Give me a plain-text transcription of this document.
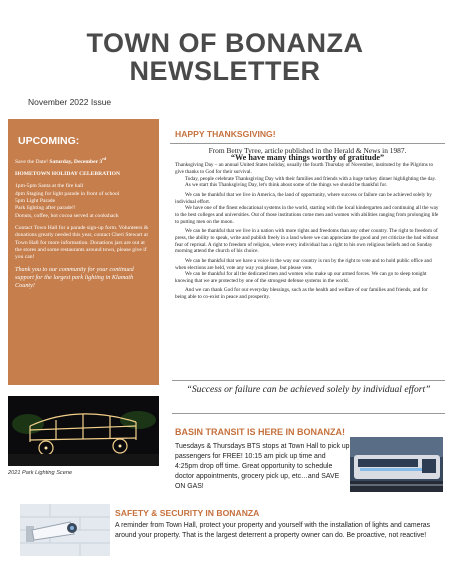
TOWN OF BONANZA
NEWSLETTER
November 2022 Issue
UPCOMING:

Save the Date! Saturday, December 3rd

HOMETOWN HOLIDAY CELEBRATION

1pm-5pm Santa at the fire hall

4pm Staging for light parade in front of school

5pm Light Parade

Park lighting after parade!!

Donuts, coffee, hot cocoa served at cookshack

Contact Town Hall for a parade sign-up form. Volunteers & donations greatly needed this year, contact Cheri Stewart at Town Hall for more information. Donations jars are out at the stores and some restaurants around town, please give if you can!

Thank you to our community for your continued support for the largest park lighting in Klamath County!

2021 Park Lighting Scene
HAPPY THANKSGIVING!

From Betty Tyree, article published in the Herald & News in 1987.

“We have many things worthy of gratitude”

Thanksgiving Day – an annual United States holiday, usually the fourth Thursday of November, instituted by the Pilgrims to give thanks to God for their survival.

Today, people celebrate Thanksgiving Day with their families and friends with a huge turkey dinner highlighting the day.

As we start this Thanksgiving Day, let's think about some of the things we should be thankful for.

We can be thankful that we live in America, the land of opportunity, where success or failure can be achieved solely by individual effort.

We have one of the finest educational systems in the world, starting with the local kindergarten and continuing all the way to the best colleges and universities. Out of those institutions come men and women with abilities ranging from prolonging life to putting men on the moon.

We can be thankful that we live in a nation with more rights and freedoms than any other country. The right to freedom of press, the ability to speak, write and publish freely in a land where we can appreciate the good and yet criticize the bad without fear of reprisal. A right to freedom of religion, where every individual has a right to his own religious beliefs and on Sunday morning attend the church of his choice.

We can be thankful that we have a voice in the way our country is run by the right to vote and to hold public office and when elections are held, vote any way you please, but please vote.

We can be thankful for all the dedicated men and women who make up our armed forces. We can go to sleep tonight knowing that we are protected by one of the strongest defense systems in the world.

And we can thank God for our everyday blessings, such as the health and welfare of our families and friends, and for being able to co-exist in peace and prosperity.

“Success or failure can be achieved solely by individual effort”
BASIN TRANSIT IS HERE IN BONANZA!

Tuesdays & Thursdays BTS stops at Town Hall to pick up passengers for FREE! 10:15 am pick up time and 4:25pm drop off time. Great opportunity to schedule doctor appointments, grocery pick up, etc…and SAVE ON GAS!

SAFETY & SECURITY IN BONANZA

A reminder from Town Hall, protect your property and yourself with the installation of lights and cameras around your property. That is the largest deterrent a property owner can do. Be proactive, not reactive!
